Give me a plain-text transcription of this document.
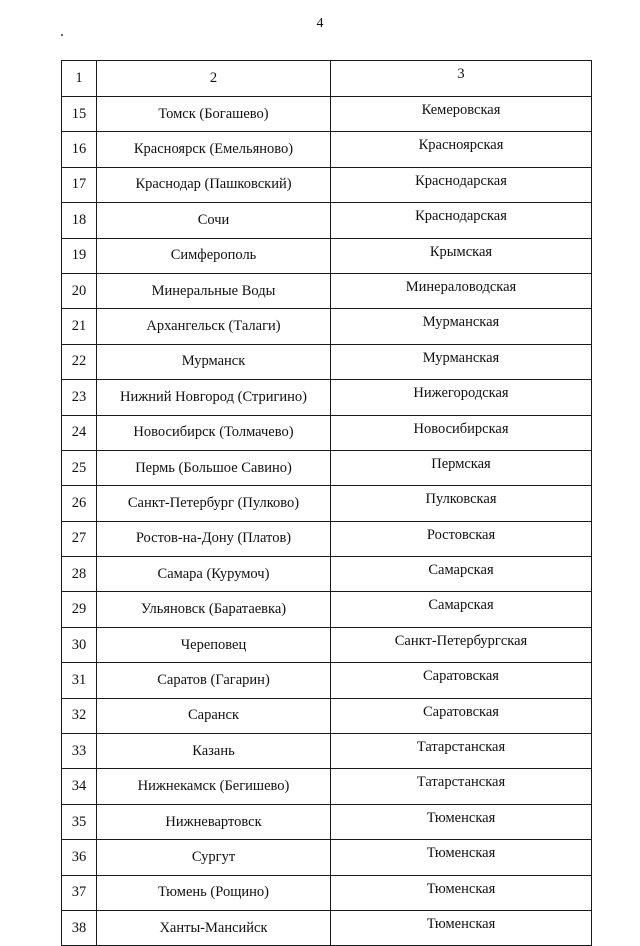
4
1	2	3
15	Томск (Богашево)	Кемеровская
16	Красноярск (Емельяново)	Красноярская
17	Краснодар (Пашковский)	Краснодарская
18	Сочи	Краснодарская
19	Симферополь	Крымская
20	Минеральные Воды	Минераловодская
21	Архангельск (Талаги)	Мурманская
22	Мурманск	Мурманская
23	Нижний Новгород (Стригино)	Нижегородская
24	Новосибирск (Толмачево)	Новосибирская
25	Пермь (Большое Савино)	Пермская
26	Санкт-Петербург (Пулково)	Пулковская
27	Ростов-на-Дону (Платов)	Ростовская
28	Самара (Курумоч)	Самарская
29	Ульяновск (Баратаевка)	Самарская
30	Череповец	Санкт-Петербургская
31	Саратов (Гагарин)	Саратовская
32	Саранск	Саратовская
33	Казань	Татарстанская
34	Нижнекамск (Бегишево)	Татарстанская
35	Нижневартовск	Тюменская
36	Сургут	Тюменская
37	Тюмень (Рощино)	Тюменская
38	Ханты-Мансийск	Тюменская
